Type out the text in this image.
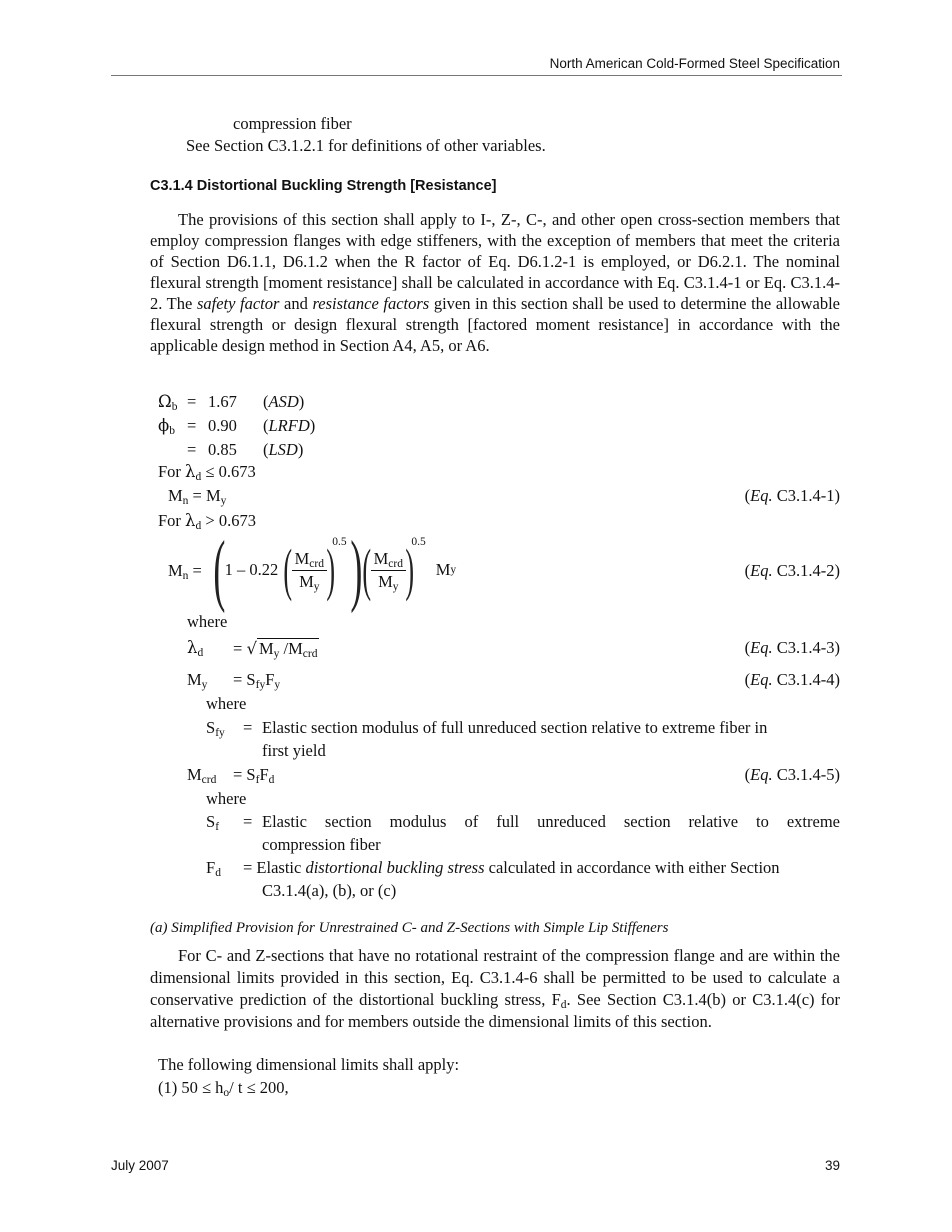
North American Cold-Formed Steel Specification
compression fiber
See Section C3.1.2.1 for definitions of other variables.
C3.1.4 Distortional Buckling Strength [Resistance]

The provisions of this section shall apply to I-, Z-, C-, and other open cross-section members that employ compression flanges with edge stiffeners, with the exception of members that meet the criteria of Section D6.1.1, D6.1.2 when the R factor of Eq. D6.1.2-1 is employed, or D6.2.1. The nominal flexural strength [moment resistance] shall be calculated in accordance with Eq. C3.1.4-1 or Eq. C3.1.4-2. The safety factor and resistance factors given in this section shall be used to determine the allowable flexural strength or design flexural strength [factored moment resistance] in accordance with the applicable design method in Section A4, A5, or A6.

$\Omega_b = 1.67$ (ASD)
$\phi_b = 0.90$ (LRFD)
= 0.85 (LSD)
For $\lambda_d \le 0.673$
$M_n = M_y$	(Eq. C3.1.4-1)
For $\lambda_d > 0.673$
$M_n$ = ( 1 – 0.22 ( $\frac{M_{crd}}{M_y}$ )
0.5 ) ( $\frac{M_{crd}}{M_y}$ )
0.5
M y	(Eq. C3.1.4-2)
where
$\lambda_d$ = √ $M_y$ $/M_{crd}$	(Eq. C3.1.4-3)
$M_y = S_{fy}F_y$	(Eq. C3.1.4-4)
where
$S_{fy}$ = Elastic section modulus of full unreduced section relative to extreme fiber in
first yield
$M_{crd} = S_fF_d$	(Eq. C3.1.4-5)
where
$S_f$ = Elastic section modulus of full unreduced section relative to extreme
compression fiber
$F_d$ = Elastic distortional buckling stress calculated in accordance with either Section
C3.1.4(a), (b), or (c)
(a) Simplified Provision for Unrestrained C- and Z-Sections with Simple Lip Stiffeners

For C- and Z-sections that have no rotational restraint of the compression flange and are within the dimensional limits provided in this section, Eq. C3.1.4-6 shall be permitted to be used to calculate a conservative prediction of the distortional buckling stress, $F_d$. See Section C3.1.4(b) or C3.1.4(c) for alternative provisions and for members outside the dimensional limits of this section.

The following dimensional limits shall apply:
(1) $50 \le h_o/$ t ≤ 200,
July 2007	39
